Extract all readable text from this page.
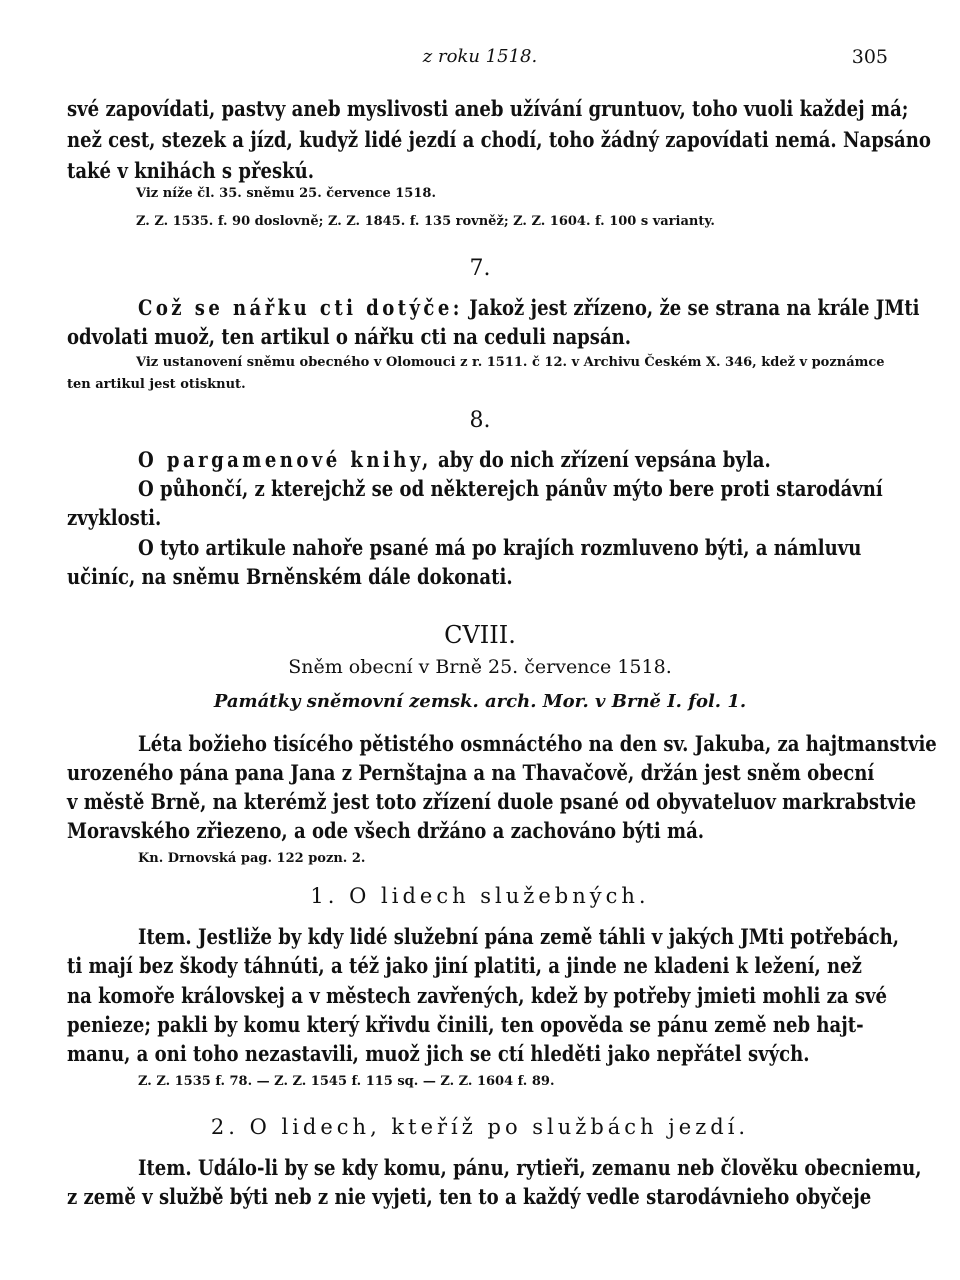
z roku 1518.	305
své zapovídati, pastvy aneb myslivosti aneb užívání gruntuov, toho vuoli každej má;
než cest, stezek a jízd, kudyž lidé jezdí a chodí, toho žádný zapovídati nemá. Napsáno
také v knihách s přeskú.
Viz níže čl. 35. sněmu 25. července 1518.
Z. Z. 1535. f. 90 doslovně; Z. Z. 1845. f. 135 rovněž; Z. Z. 1604. f. 100 s varianty.
7.
Což se nářku cti dotýče: Jakož jest zřízeno, že se strana na krále JMti
odvolati muož, ten artikul o nářku cti na ceduli napsán.
Viz ustanovení sněmu obecného v Olomouci z r. 1511. č 12. v Archivu Českém X. 346, kdež v poznámce
ten artikul jest otisknut.
8.
O pargamenové knihy, aby do nich zřízení vepsána byla.
O půhončí, z kterejchž se od některejch pánův mýto bere proti starodávní
zvyklosti.
O tyto artikule nahoře psané má po krajích rozmluveno býti, a námluvu
učiníc, na sněmu Brněnském dále dokonati.
CVIII.
Sněm obecní v Brně 25. července 1518.
Památky sněmovní zemsk. arch. Mor. v Brně I. fol. 1.
Léta božieho tisícého pětistého osmnáctého na den sv. Jakuba, za hajtmanstvie
urozeného pána pana Jana z Pernštajna a na Thavačově, držán jest sněm obecní
v městě Brně, na kterémž jest toto zřízení duole psané od obyvateluov markrabstvie
Moravského zřiezeno, a ode všech držáno a zachováno býti má.
Kn. Drnovská pag. 122 pozn. 2.
1. O lidech služebných.
Item. Jestliže by kdy lidé služební pána země táhli v jakých JMti potřebách,
ti mají bez škody táhnúti, a též jako jiní platiti, a jinde ne kladeni k ležení, než
na komoře královskej a v městech zavřených, kdež by potřeby jmieti mohli za své
penieze; pakli by komu který křivdu činili, ten opověda se pánu země neb hajt-
manu, a oni toho nezastavili, muož jich se ctí hleděti jako nepřátel svých.
Z. Z. 1535 f. 78. — Z. Z. 1545 f. 115 sq. — Z. Z. 1604 f. 89.
2. O lidech, kteříž po službách jezdí.
Item. Událo-li by se kdy komu, pánu, rytieři, zemanu neb člověku obecniemu,
z země v službě býti neb z nie vyjeti, ten to a každý vedle starodávnieho obyčeje
